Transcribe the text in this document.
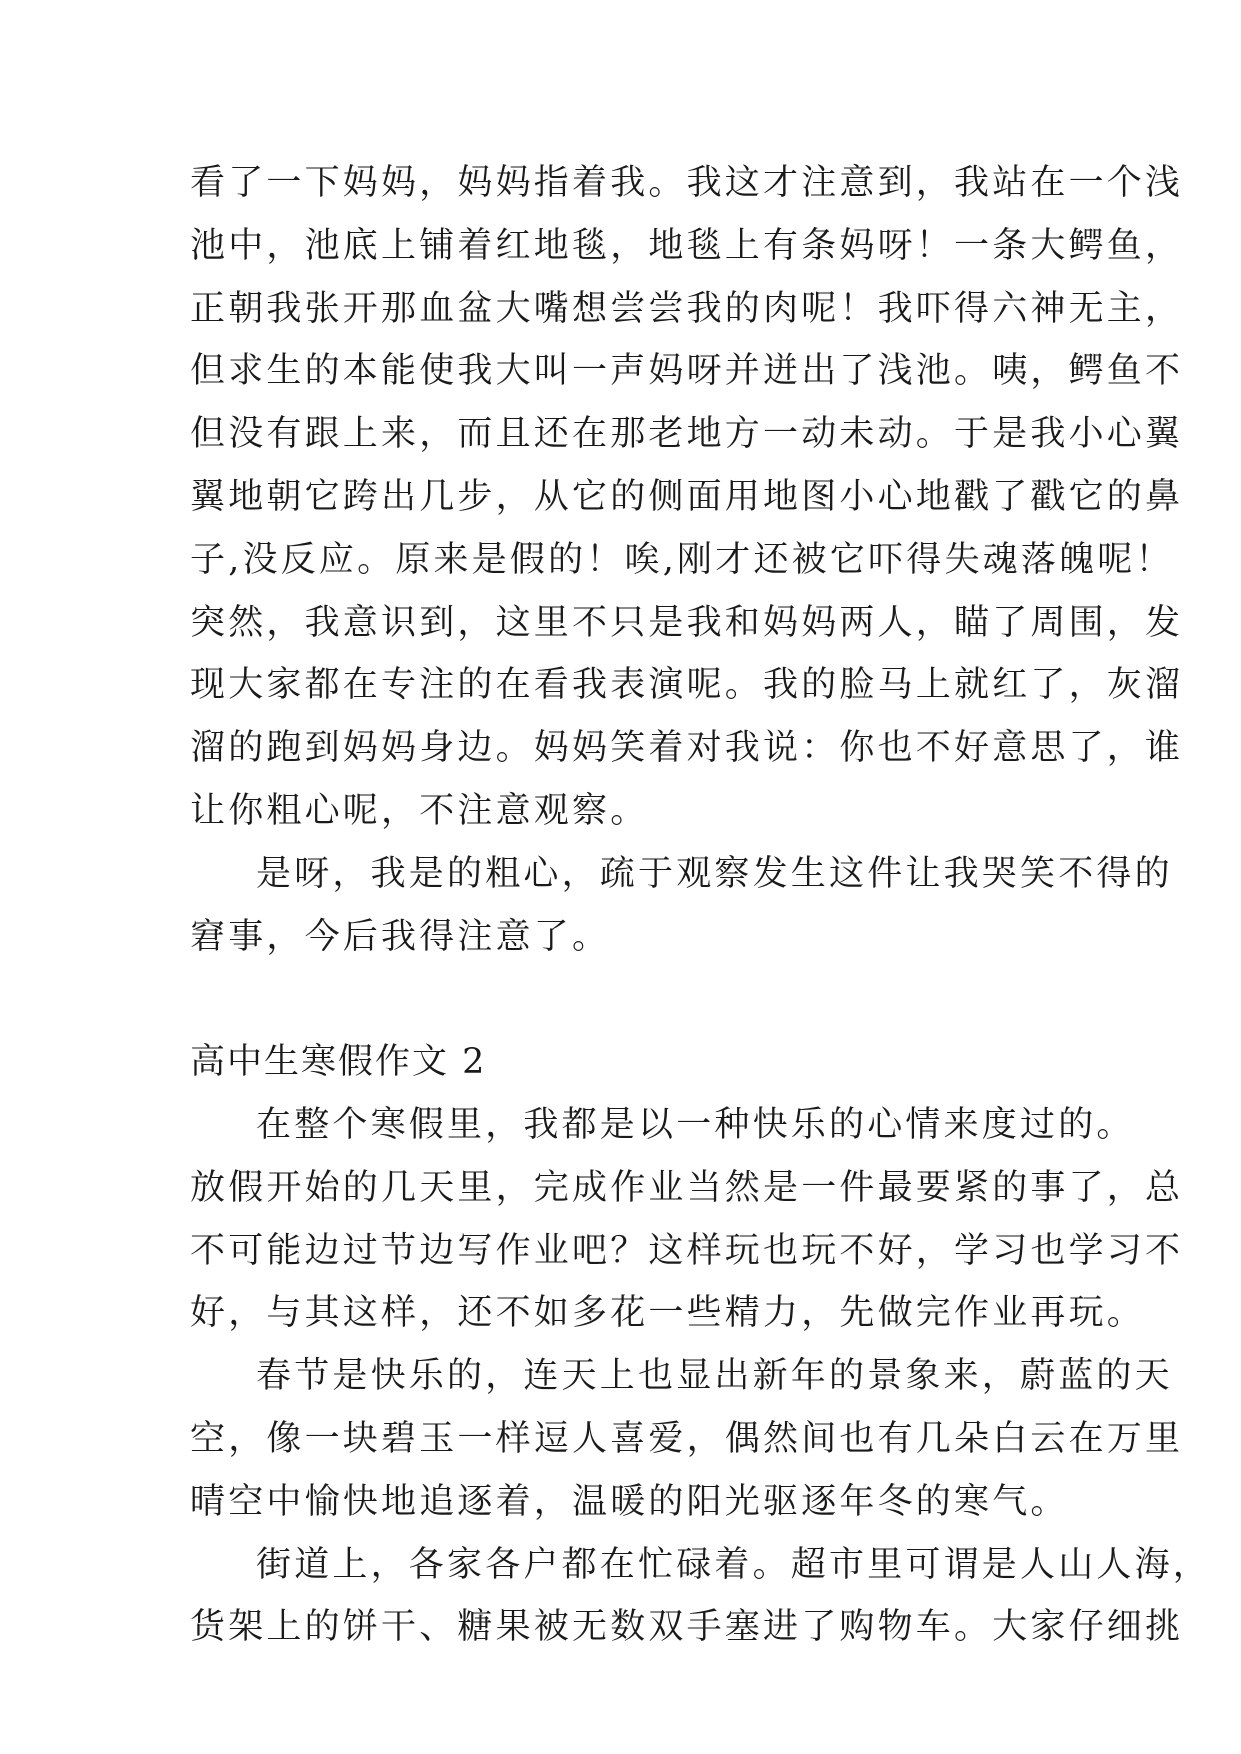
看了一下妈妈，妈妈指着我。我这才注意到，我站在一个浅
池中，池底上铺着红地毯，地毯上有条妈呀！一条大鳄鱼，
正朝我张开那血盆大嘴想尝尝我的肉呢！我吓得六神无主，
但求生的本能使我大叫一声妈呀并迸出了浅池。咦，鳄鱼不
但没有跟上来，而且还在那老地方一动未动。于是我小心翼
翼地朝它跨出几步，从它的侧面用地图小心地戳了戳它的鼻
子,没反应。原来是假的！唉,刚才还被它吓得失魂落魄呢！
突然，我意识到，这里不只是我和妈妈两人，瞄了周围，发
现大家都在专注的在看我表演呢。我的脸马上就红了，灰溜
溜的跑到妈妈身边。妈妈笑着对我说：你也不好意思了，谁
让你粗心呢，不注意观察。
是呀，我是的粗心，疏于观察发生这件让我哭笑不得的
窘事，今后我得注意了。
高中生寒假作文 2
在整个寒假里，我都是以一种快乐的心情来度过的。
放假开始的几天里，完成作业当然是一件最要紧的事了，总
不可能边过节边写作业吧？这样玩也玩不好，学习也学习不
好，与其这样，还不如多花一些精力，先做完作业再玩。
春节是快乐的，连天上也显出新年的景象来，蔚蓝的天
空，像一块碧玉一样逗人喜爱，偶然间也有几朵白云在万里
晴空中愉快地追逐着，温暖的阳光驱逐年冬的寒气。
街道上，各家各户都在忙碌着。超市里可谓是人山人海，
货架上的饼干、糖果被无数双手塞进了购物车。大家仔细挑
